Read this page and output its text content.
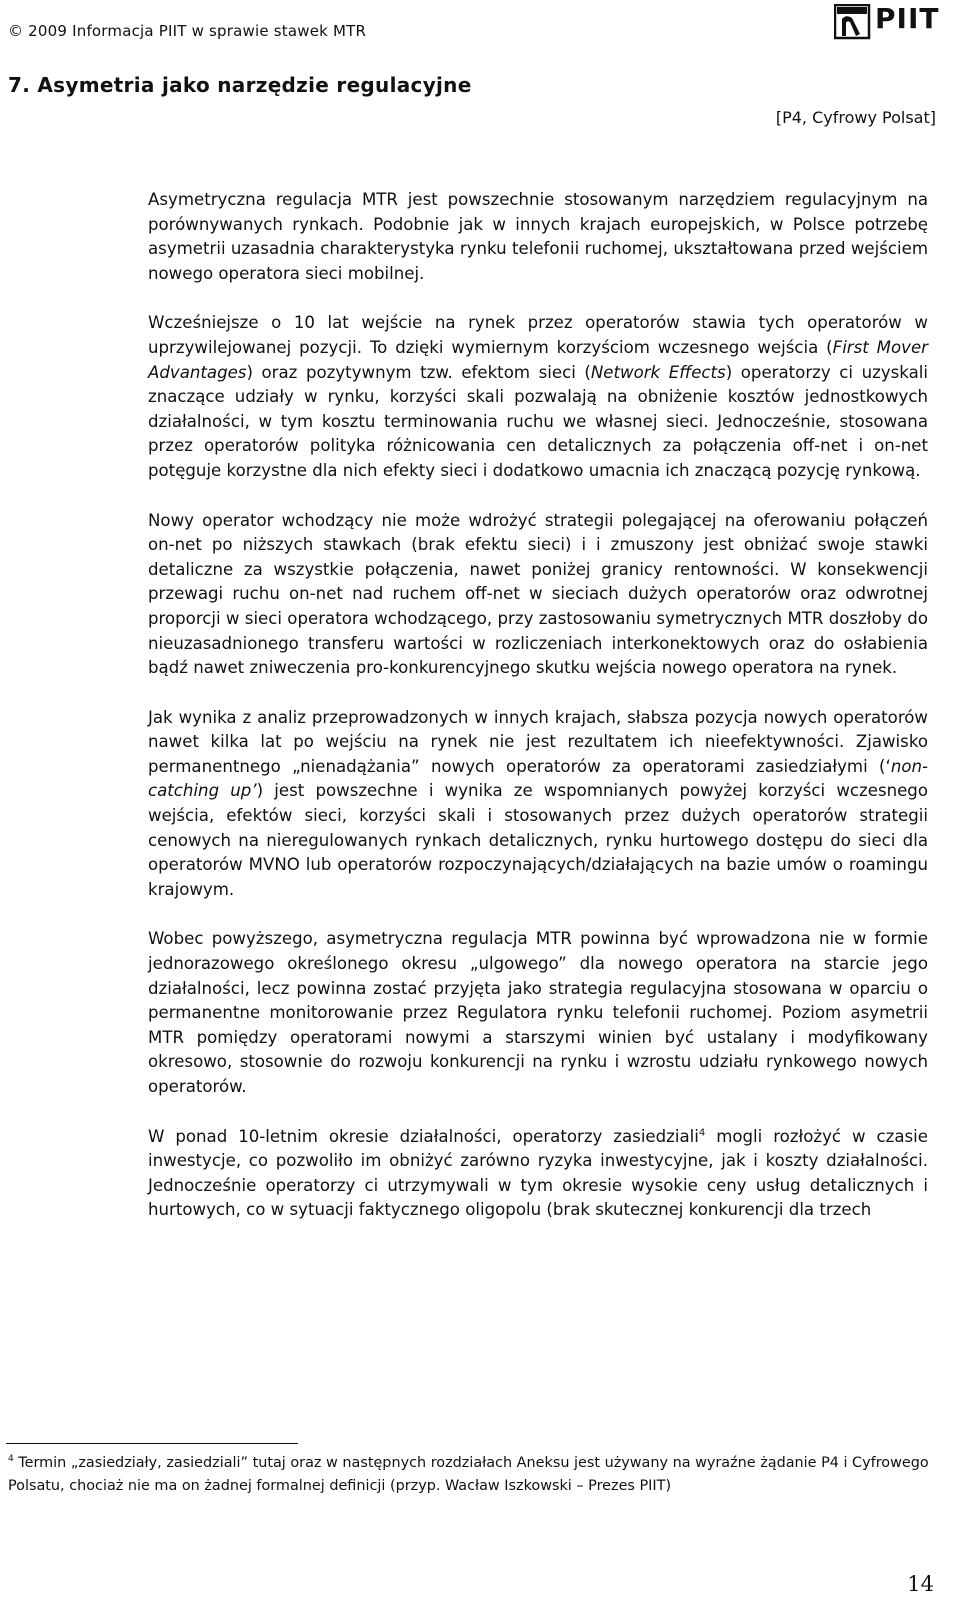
© 2009 Informacja PIIT w sprawie stawek MTR	PIIT
7. Asymetria jako narzędzie regulacyjne
[P4, Cyfrowy Polsat]

Asymetryczna regulacja MTR jest powszechnie stosowanym narzędziem regulacyjnym na porównywanych rynkach. Podobnie jak w innych krajach europejskich, w Polsce potrzebę asymetrii uzasadnia charakterystyka rynku telefonii ruchomej, ukształtowana przed wejściem nowego operatora sieci mobilnej.

Wcześniejsze o 10 lat wejście na rynek przez operatorów stawia tych operatorów w uprzywilejowanej pozycji. To dzięki wymiernym korzyściom wczesnego wejścia (First Mover Advantages) oraz pozytywnym tzw. efektom sieci (Network Effects) operatorzy ci uzyskali znaczące udziały w rynku, korzyści skali pozwalają na obniżenie kosztów jednostkowych działalności, w tym kosztu terminowania ruchu we własnej sieci. Jednocześnie, stosowana przez operatorów polityka różnicowania cen detalicznych za połączenia off-net i on-net potęguje korzystne dla nich efekty sieci i dodatkowo umacnia ich znaczącą pozycję rynkową.

Nowy operator wchodzący nie może wdrożyć strategii polegającej na oferowaniu połączeń on-net po niższych stawkach (brak efektu sieci) i i zmuszony jest obniżać swoje stawki detaliczne za wszystkie połączenia, nawet poniżej granicy rentowności. W konsekwencji przewagi ruchu on-net nad ruchem off-net w sieciach dużych operatorów oraz odwrotnej proporcji w sieci operatora wchodzącego, przy zastosowaniu symetrycznych MTR doszłoby do nieuzasadnionego transferu wartości w rozliczeniach interkonektowych oraz do osłabienia bądź nawet zniweczenia pro-konkurencyjnego skutku wejścia nowego operatora na rynek.

Jak wynika z analiz przeprowadzonych w innych krajach, słabsza pozycja nowych operatorów nawet kilka lat po wejściu na rynek nie jest rezultatem ich nieefektywności. Zjawisko permanentnego „nienadążania” nowych operatorów za operatorami zasiedziałymi (‘non-catching up’) jest powszechne i wynika ze wspomnianych powyżej korzyści wczesnego wejścia, efektów sieci, korzyści skali i stosowanych przez dużych operatorów strategii cenowych na nieregulowanych rynkach detalicznych, rynku hurtowego dostępu do sieci dla operatorów MVNO lub operatorów rozpoczynających/działających na bazie umów o roamingu krajowym.

Wobec powyższego, asymetryczna regulacja MTR powinna być wprowadzona nie w formie jednorazowego określonego okresu „ulgowego” dla nowego operatora na starcie jego działalności, lecz powinna zostać przyjęta jako strategia regulacyjna stosowana w oparciu o permanentne monitorowanie przez Regulatora rynku telefonii ruchomej. Poziom asymetrii MTR pomiędzy operatorami nowymi a starszymi winien być ustalany i modyfikowany okresowo, stosownie do rozwoju konkurencji na rynku i wzrostu udziału rynkowego nowych operatorów.

W ponad 10-letnim okresie działalności, operatorzy zasiedziali$^4$ mogli rozłożyć w czasie inwestycje, co pozwoliło im obniżyć zarówno ryzyka inwestycyjne, jak i koszty działalności. Jednocześnie operatorzy ci utrzymywali w tym okresie wysokie ceny usług detalicznych i hurtowych, co w sytuacji faktycznego oligopolu (brak skutecznej konkurencji dla trzech

$^4$ Termin „zasiedziały, zasiedziali” tutaj oraz w następnych rozdziałach Aneksu jest używany na wyraźne żądanie P4 i Cyfrowego Polsatu, chociaż nie ma on żadnej formalnej definicji (przyp. Wacław Iszkowski – Prezes PIIT)
14
